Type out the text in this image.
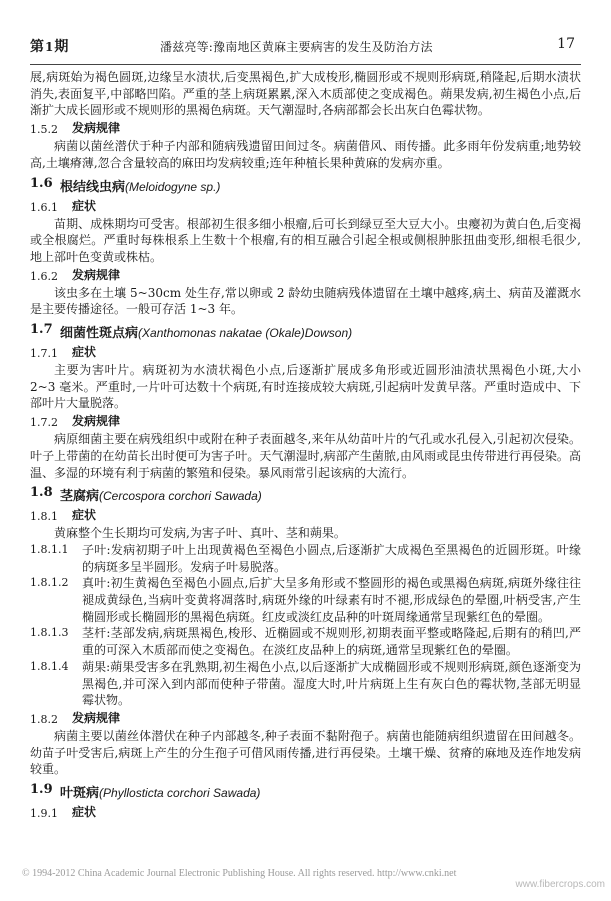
第1期	潘兹亮等:豫南地区黄麻主要病害的发生及防治方法	17

展,病斑始为褐色圆斑,边缘呈水渍状,后变黑褐色,扩大成梭形,椭圆形或不规则形病斑,稍隆起,后期水渍状消失,表面复平,中部略凹陷。严重的茎上病斑累累,深入木质部使之变成褐色。蒴果发病,初生褐色小点,后渐扩大成长圆形或不规则形的黑褐色病斑。天气潮湿时,各病部都会长出灰白色霉状物。

1.5.2 发病规律

病菌以菌丝潜伏于种子内部和随病残遗留田间过冬。病菌借风、雨传播。此多雨年份发病重;地势较高,土壤瘠薄,忽合含量较高的麻田均发病较重;连年种植长果种黄麻的发病亦重。

1.6 根结线虫病(Meloidogyne sp.)
1.6.1 症状

苗期、成株期均可受害。根部初生很多细小根瘤,后可长到绿豆至大豆大小。虫瘿初为黄白色,后变褐或全根腐烂。严重时每株根系上生数十个根瘤,有的相互融合引起全根或侧根肿胀扭曲变形,细根毛很少,地上部叶色变黄或株枯。

1.6.2 发病规律

该虫多在土壤 5~30cm 处生存,常以卵或 2 龄幼虫随病残体遗留在土壤中越疼,病土、病苗及灌溉水是主要传播途径。一般可存活 1~3 年。

1.7 细菌性斑点病(Xanthomonas nakatae (Okale)Dowson)
1.7.1 症状

主要为害叶片。病斑初为水渍状褐色小点,后逐渐扩展成多角形或近圆形油渍状黑褐色小斑,大小 2~3 毫米。严重时,一片叶可达数十个病斑,有时连接成较大病斑,引起病叶发黄早落。严重时造成中、下部叶片大量脱落。

1.7.2 发病规律

病原细菌主要在病残组织中或附在种子表面越冬,来年从幼苗叶片的气孔或水孔侵入,引起初次侵染。叶子上带菌的在幼苗长出时便可为害子叶。天气潮湿时,病部产生菌脓,由风雨或昆虫传带进行再侵染。高温、多湿的环境有利于病菌的繁殖和侵染。暴风雨常引起该病的大流行。

1.8 茎腐病(Cercospora corchori Sawada)
1.8.1 症状

黄麻整个生长期均可发病,为害子叶、真叶、茎和蒴果。

1.8.1.1 子叶:发病初期子叶上出现黄褐色至褐色小圆点,后逐渐扩大成褐色至黑褐色的近圆形斑。叶缘的病斑多呈半圆形。发病子叶易脱落。

1.8.1.2 真叶:初生黄褐色至褐色小圆点,后扩大呈多角形或不整圆形的褐色或黑褐色病斑,病斑外缘往往褪成黄绿色,当病叶变黄将凋落时,病斑外缘的叶绿素有时不褪,形成绿色的晕圈,叶柄受害,产生椭圆形或长椭圆形的黑褐色病斑。红皮或淡红皮品种的叶斑周缘通常呈现紫红色的晕圈。

1.8.1.3 茎杆:茎部发病,病斑黑褐色,梭形、近椭圆或不规则形,初期表面平整或略隆起,后期有的稍凹,严重的可深入木质部而使之变褐色。在淡红皮品种上的病斑,通常呈现紫红色的晕圈。

1.8.1.4 蒴果:蒴果受害多在乳熟期,初生褐色小点,以后逐渐扩大成椭圆形或不规则形病斑,颜色逐渐变为黑褐色,并可深入到内部而使种子带菌。湿度大时,叶片病斑上生有灰白色的霉状物,茎部无明显霉状物。

1.8.2 发病规律

病菌主要以菌丝体潜伏在种子内部越冬,种子表面不黏附孢子。病菌也能随病组织遗留在田间越冬。幼苗子叶受害后,病斑上产生的分生孢子可借风雨传播,进行再侵染。土壤干燥、贫瘠的麻地及连作地发病较重。

1.9 叶斑病(Phyllosticta corchori Sawada)
1.9.1 症状
© 1994-2012 China Academic Journal Electronic Publishing House. All rights reserved. http://www.cnki.net
www.fibercrops.com
